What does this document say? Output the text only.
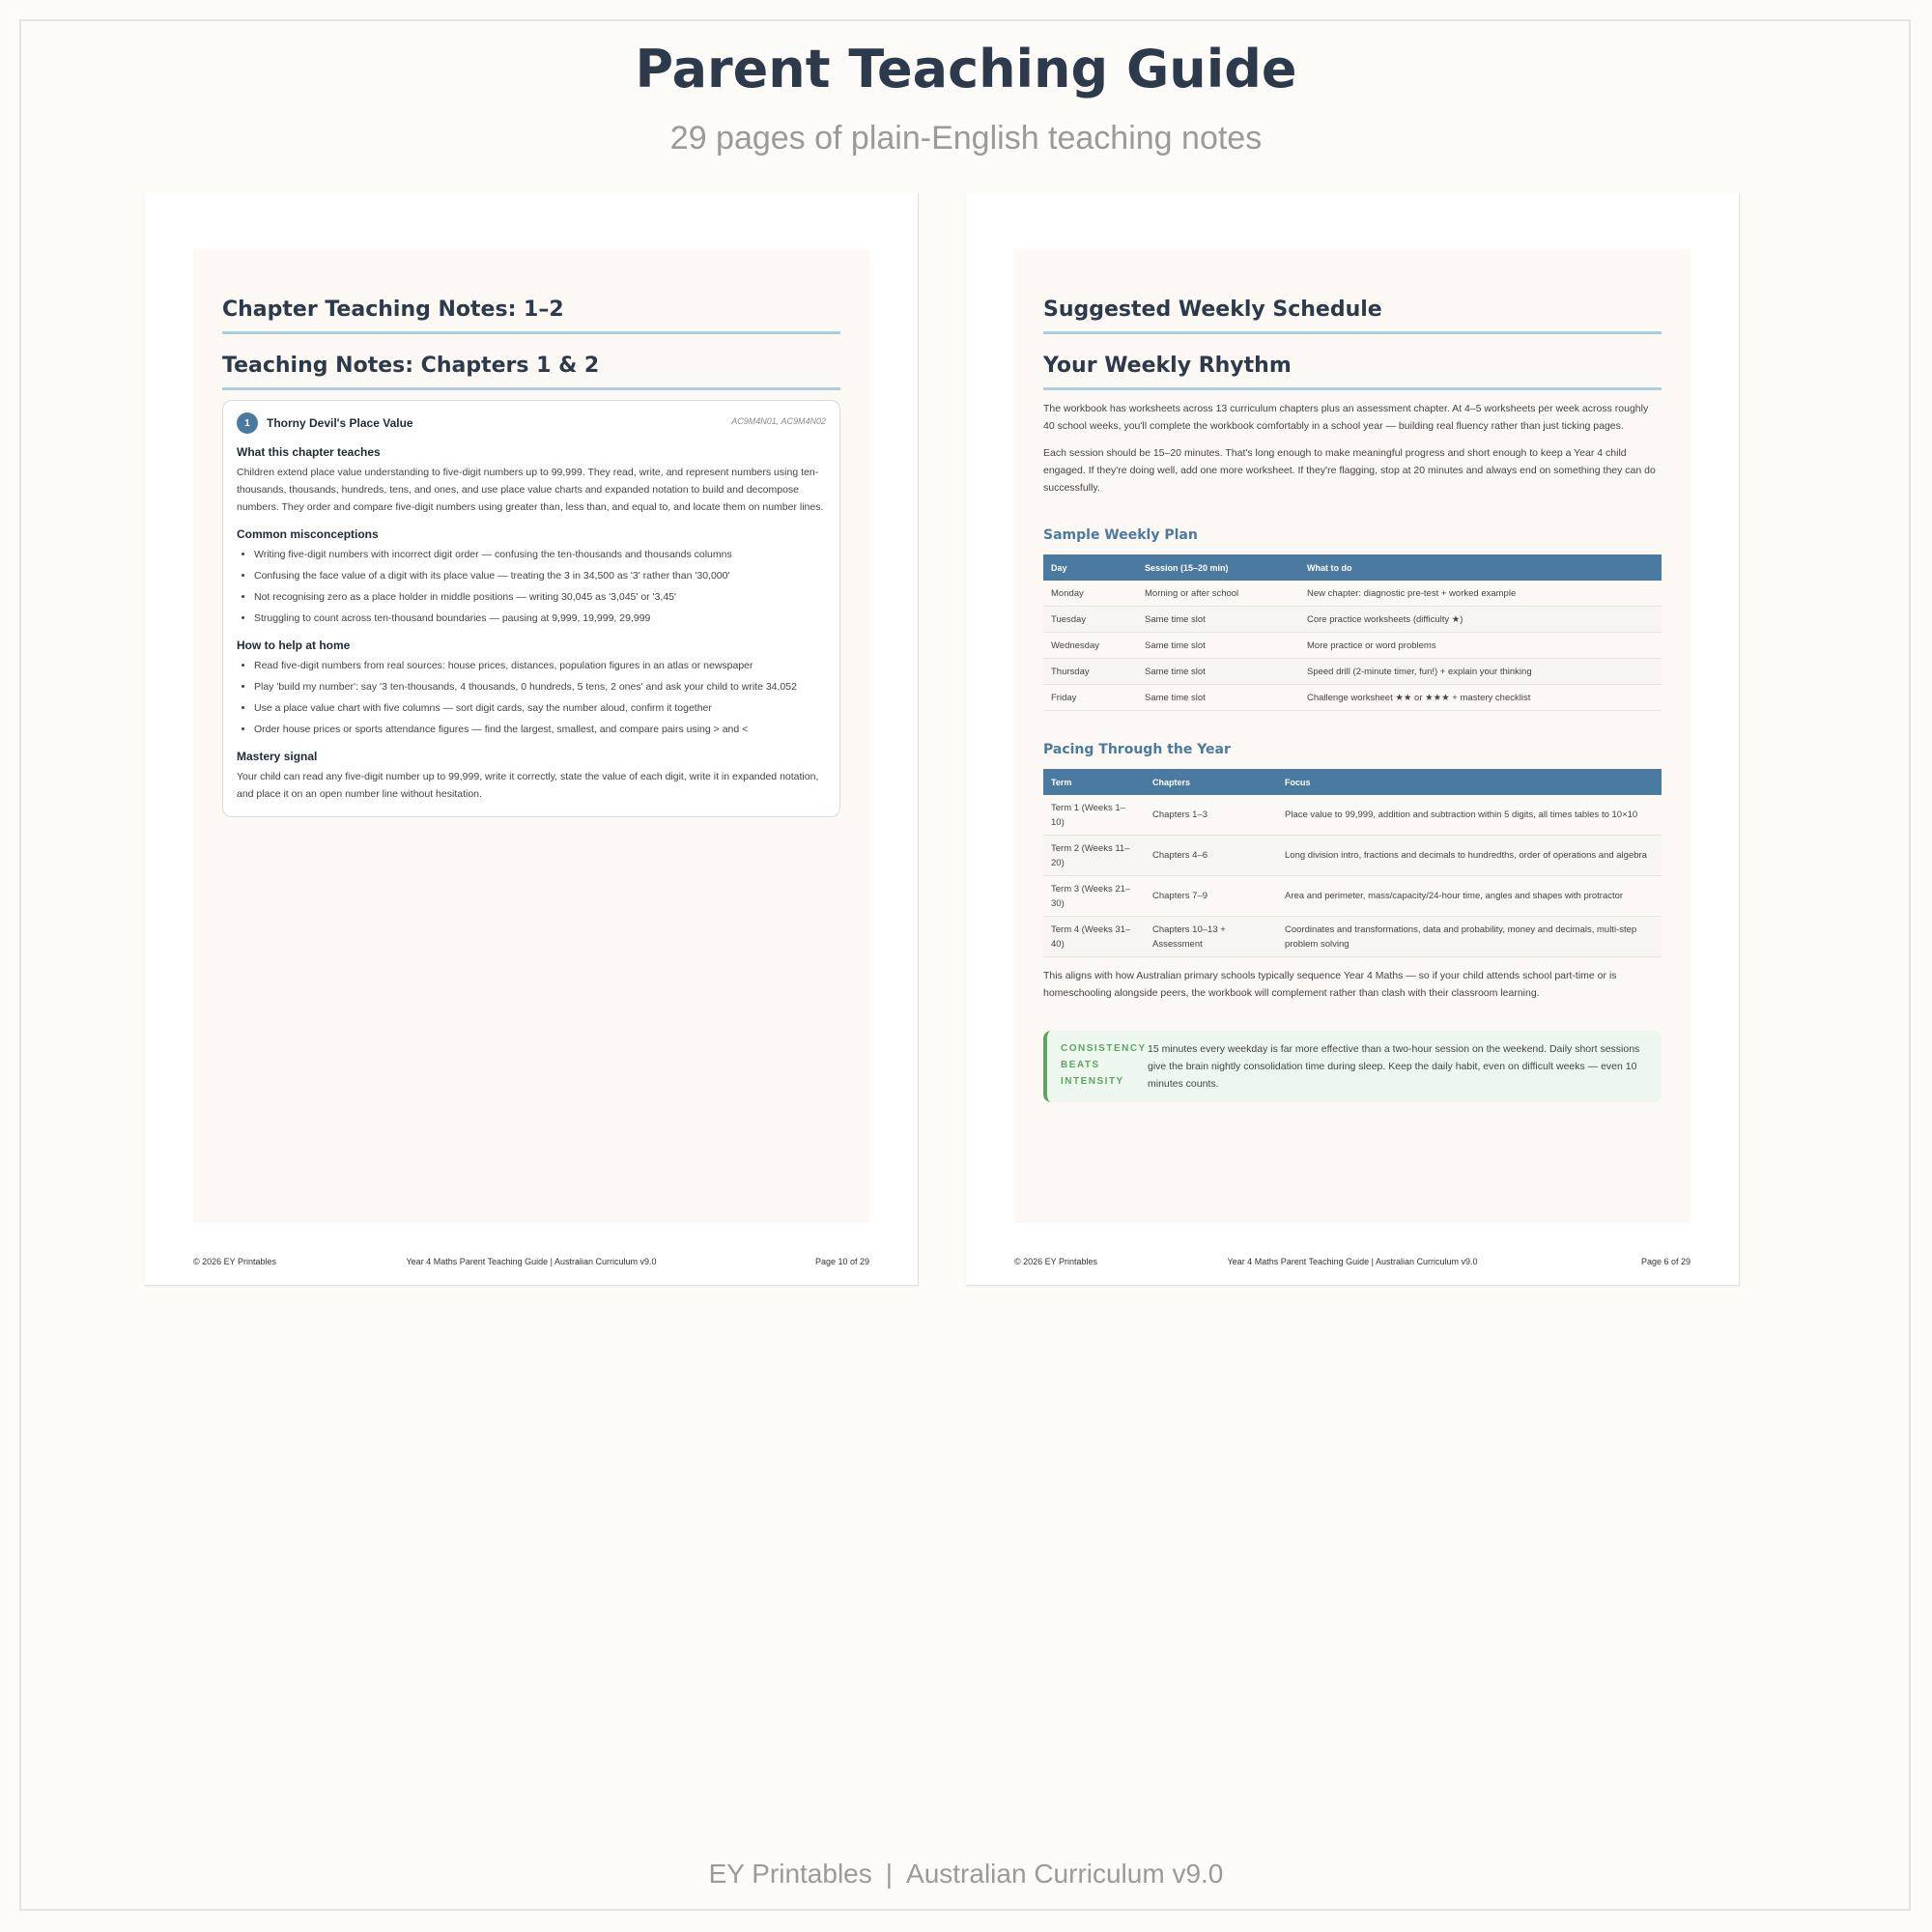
Parent Teaching Guide

29 pages of plain-English teaching notes

Chapter Teaching Notes: 1–2
Teaching Notes: Chapters 1 & 2
1	Thorny Devil's Place Value	AC9M4N01, AC9M4N02
What this chapter teaches

Children extend place value understanding to five-digit numbers up to 99,999. They read, write, and represent numbers using ten-thousands, thousands, hundreds, tens, and ones, and use place value charts and expanded notation to build and decompose numbers. They order and compare five-digit numbers using greater than, less than, and equal to, and locate them on number lines.

Common misconceptions
• Writing five-digit numbers with incorrect digit order — confusing the ten-thousands and thousands columns
• Confusing the face value of a digit with its place value — treating the 3 in 34,500 as '3' rather than '30,000'
• Not recognising zero as a place holder in middle positions — writing 30,045 as '3,045' or '3,45'
• Struggling to count across ten-thousand boundaries — pausing at 9,999, 19,999, 29,999
How to help at home
• Read five-digit numbers from real sources: house prices, distances, population figures in an atlas or newspaper
• Play 'build my number': say '3 ten-thousands, 4 thousands, 0 hundreds, 5 tens, 2 ones' and ask your child to write 34,052
• Use a place value chart with five columns — sort digit cards, say the number aloud, confirm it together
• Order house prices or sports attendance figures — find the largest, smallest, and compare pairs using > and <
Mastery signal

Your child can read any five-digit number up to 99,999, write it correctly, state the value of each digit, write it in expanded notation, and place it on an open number line without hesitation.

© 2026 EY Printables	Year 4 Maths Parent Teaching Guide | Australian Curriculum v9.0	Page 10 of 29
Suggested Weekly Schedule
Your Weekly Rhythm

The workbook has worksheets across 13 curriculum chapters plus an assessment chapter. At 4–5 worksheets per week across roughly 40 school weeks, you'll complete the workbook comfortably in a school year — building real fluency rather than just ticking pages.

Each session should be 15–20 minutes. That's long enough to make meaningful progress and short enough to keep a Year 4 child engaged. If they're doing well, add one more worksheet. If they're flagging, stop at 20 minutes and always end on something they can do successfully.

Sample Weekly Plan
Day	Session (15–20 min)	What to do
Monday	Morning or after school	New chapter: diagnostic pre-test + worked example
Tuesday	Same time slot	Core practice worksheets (difficulty ★)
Wednesday	Same time slot	More practice or word problems
Thursday	Same time slot	Speed drill (2-minute timer, fun!) + explain your thinking
Friday	Same time slot	Challenge worksheet ★★ or ★★★ + mastery checklist
Pacing Through the Year
Term	Chapters	Focus
Term 1 (Weeks 1–10)	Chapters 1–3	Place value to 99,999, addition and subtraction within 5 digits, all times tables to 10×10
Term 2 (Weeks 11–20)	Chapters 4–6	Long division intro, fractions and decimals to hundredths, order of operations and algebra
Term 3 (Weeks 21–30)	Chapters 7–9	Area and perimeter, mass/capacity/24-hour time, angles and shapes with protractor
Term 4 (Weeks 31–40)	Chapters 10–13 + Assessment	Coordinates and transformations, data and probability, money and decimals, multi-step problem solving

This aligns with how Australian primary schools typically sequence Year 4 Maths — so if your child attends school part-time or is homeschooling alongside peers, the workbook will complement rather than clash with their classroom learning.

CONSISTENCY BEATS INTENSITY
15 minutes every weekday is far more effective than a two-hour session on the weekend. Daily short sessions give the brain nightly consolidation time during sleep. Keep the daily habit, even on difficult weeks — even 10 minutes counts.
© 2026 EY Printables	Year 4 Maths Parent Teaching Guide | Australian Curriculum v9.0	Page 6 of 29
EY Printables | Australian Curriculum v9.0
